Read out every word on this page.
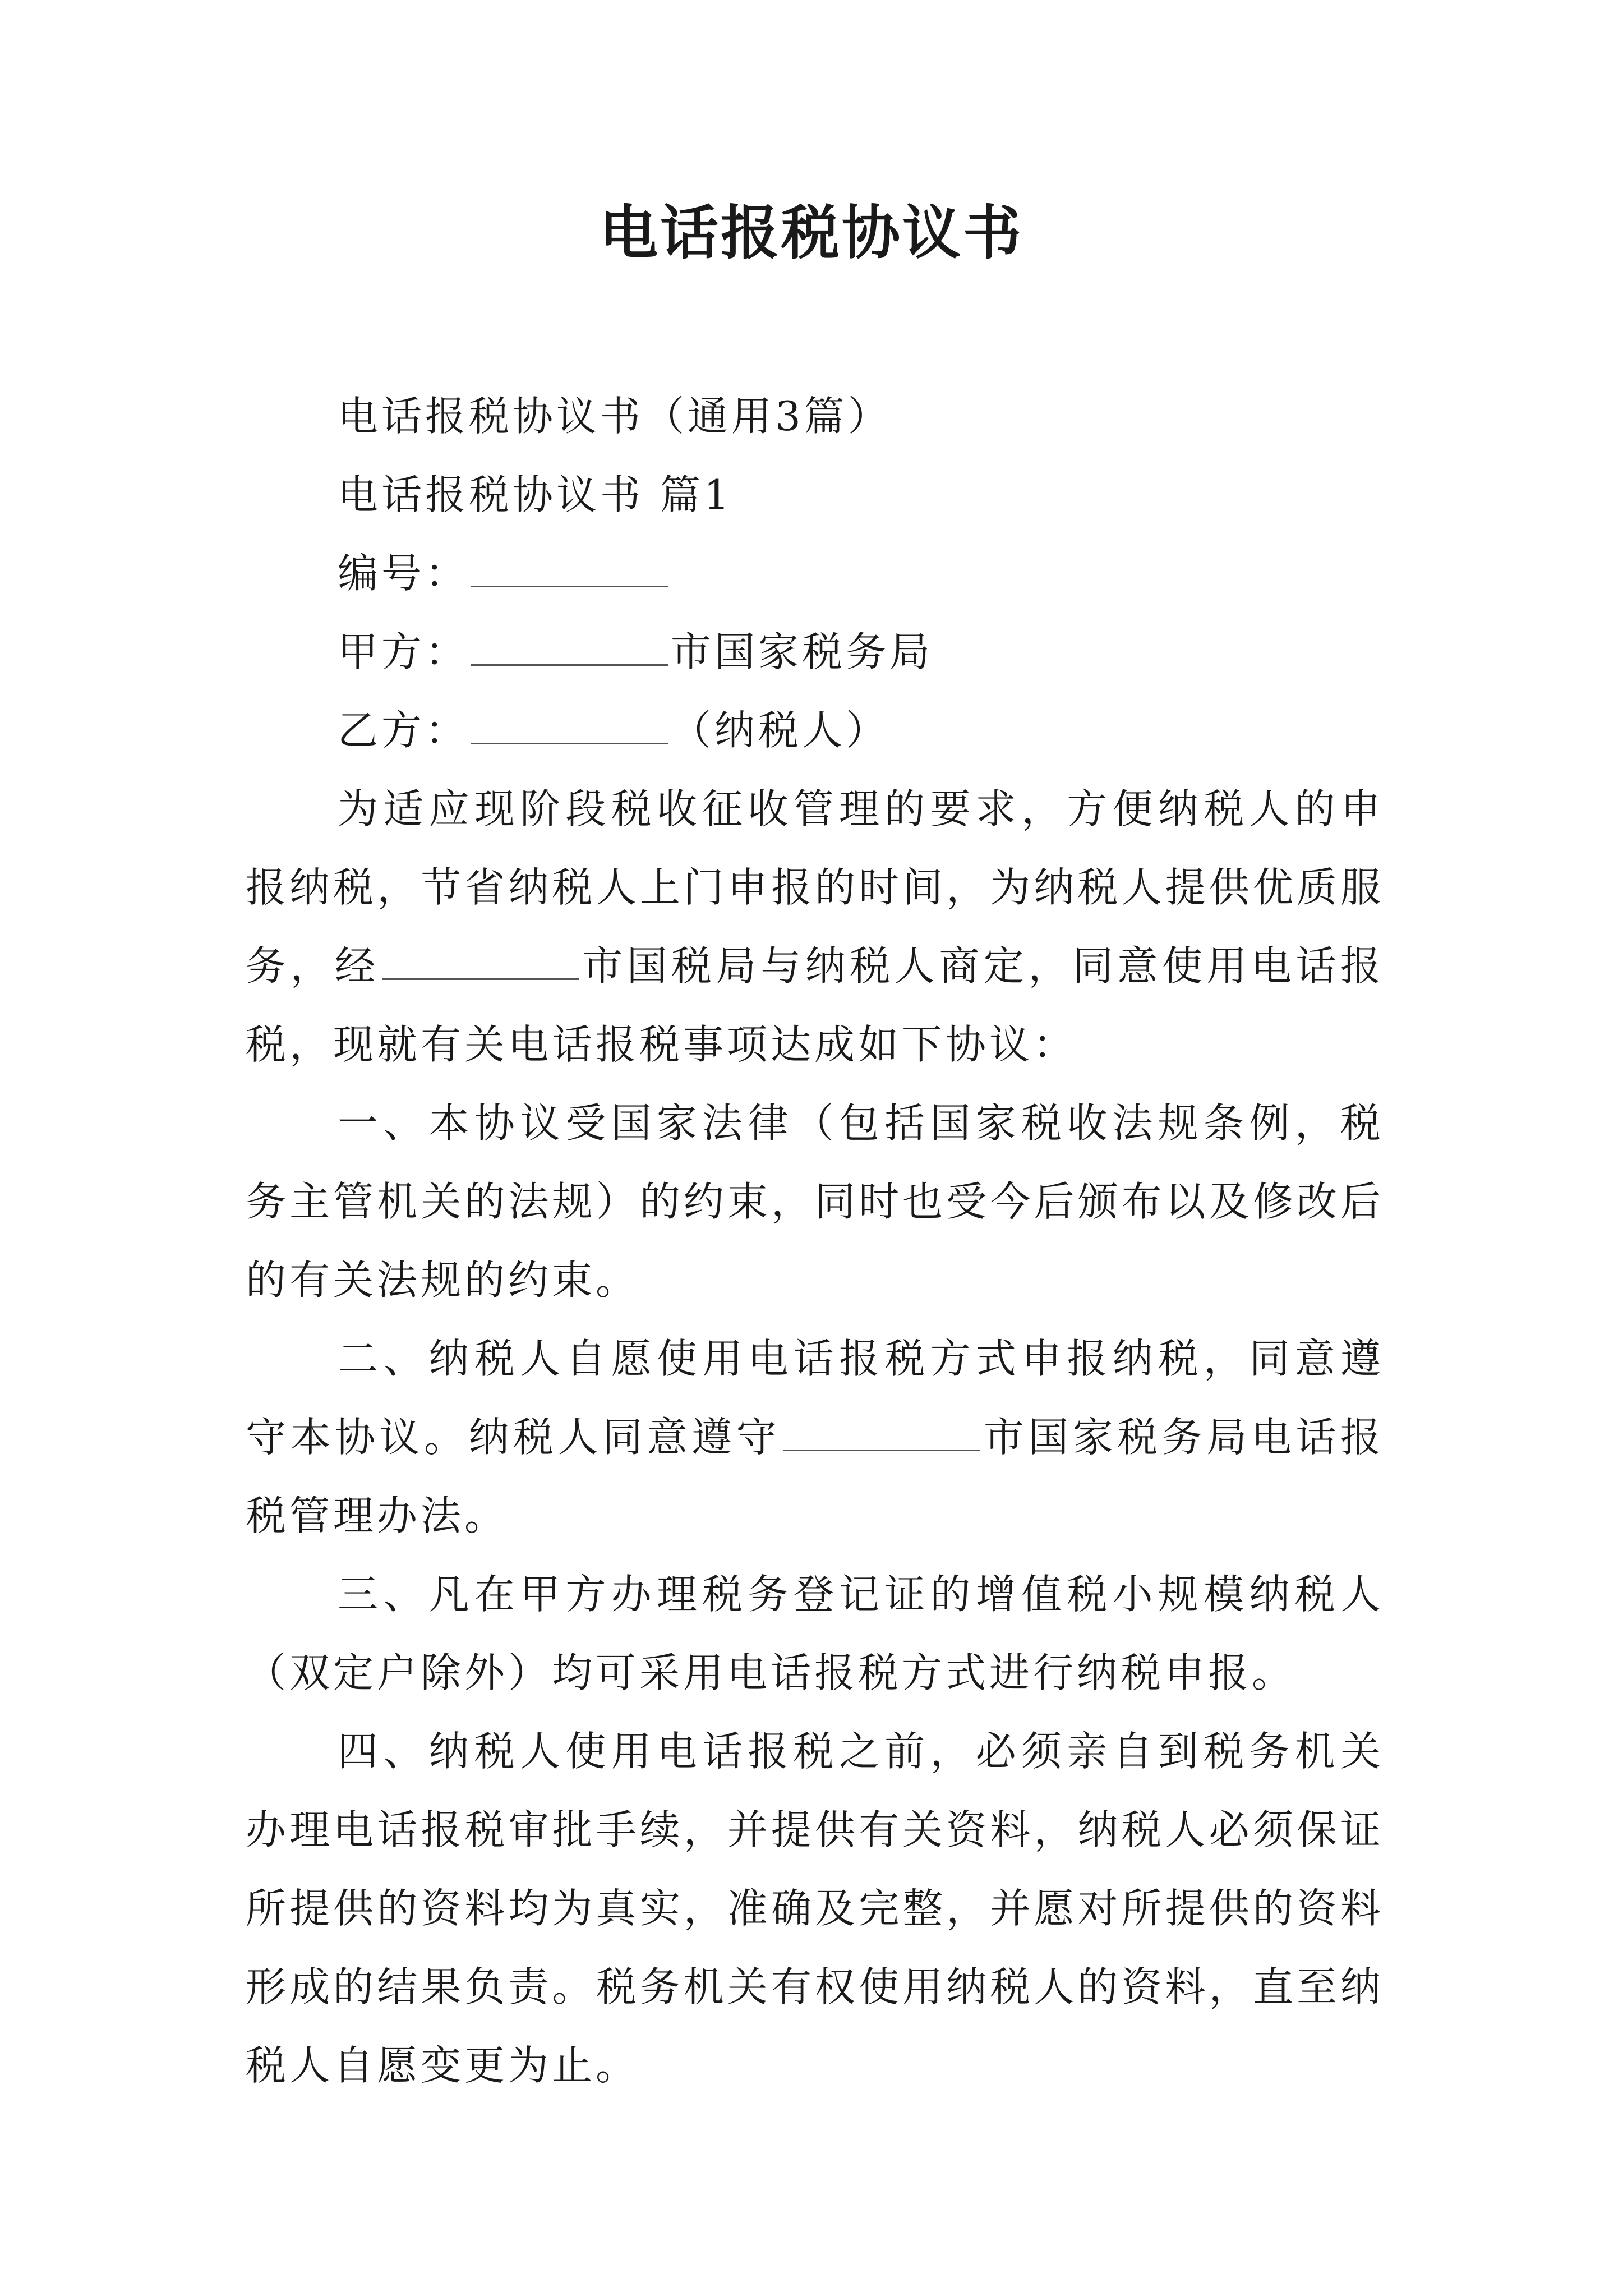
电话报税协议书

电话报税协议书（通用3篇）

电话报税协议书 篇1

编号：

甲方：	市国家税务局

乙方：	（纳税人）

为适应现阶段税收征收管理的要求，方便纳税人的申报纳税，节省纳税人上门申报的时间，为纳税人提供优质服务，经	市国税局与纳税人商定，同意使用电话报税，现就有关电话报税事项达成如下协议：

一、本协议受国家法律（包括国家税收法规条例，税务主管机关的法规）的约束，同时也受今后颁布以及修改后的有关法规的约束。

二、纳税人自愿使用电话报税方式申报纳税，同意遵守本协议。纳税人同意遵守	市国家税务局电话报税管理办法。

三、凡在甲方办理税务登记证的增值税小规模纳税人（双定户除外）均可采用电话报税方式进行纳税申报。

四、纳税人使用电话报税之前，必须亲自到税务机关办理电话报税审批手续，并提供有关资料，纳税人必须保证所提供的资料均为真实，准确及完整，并愿对所提供的资料形成的结果负责。税务机关有权使用纳税人的资料，直至纳税人自愿变更为止。
